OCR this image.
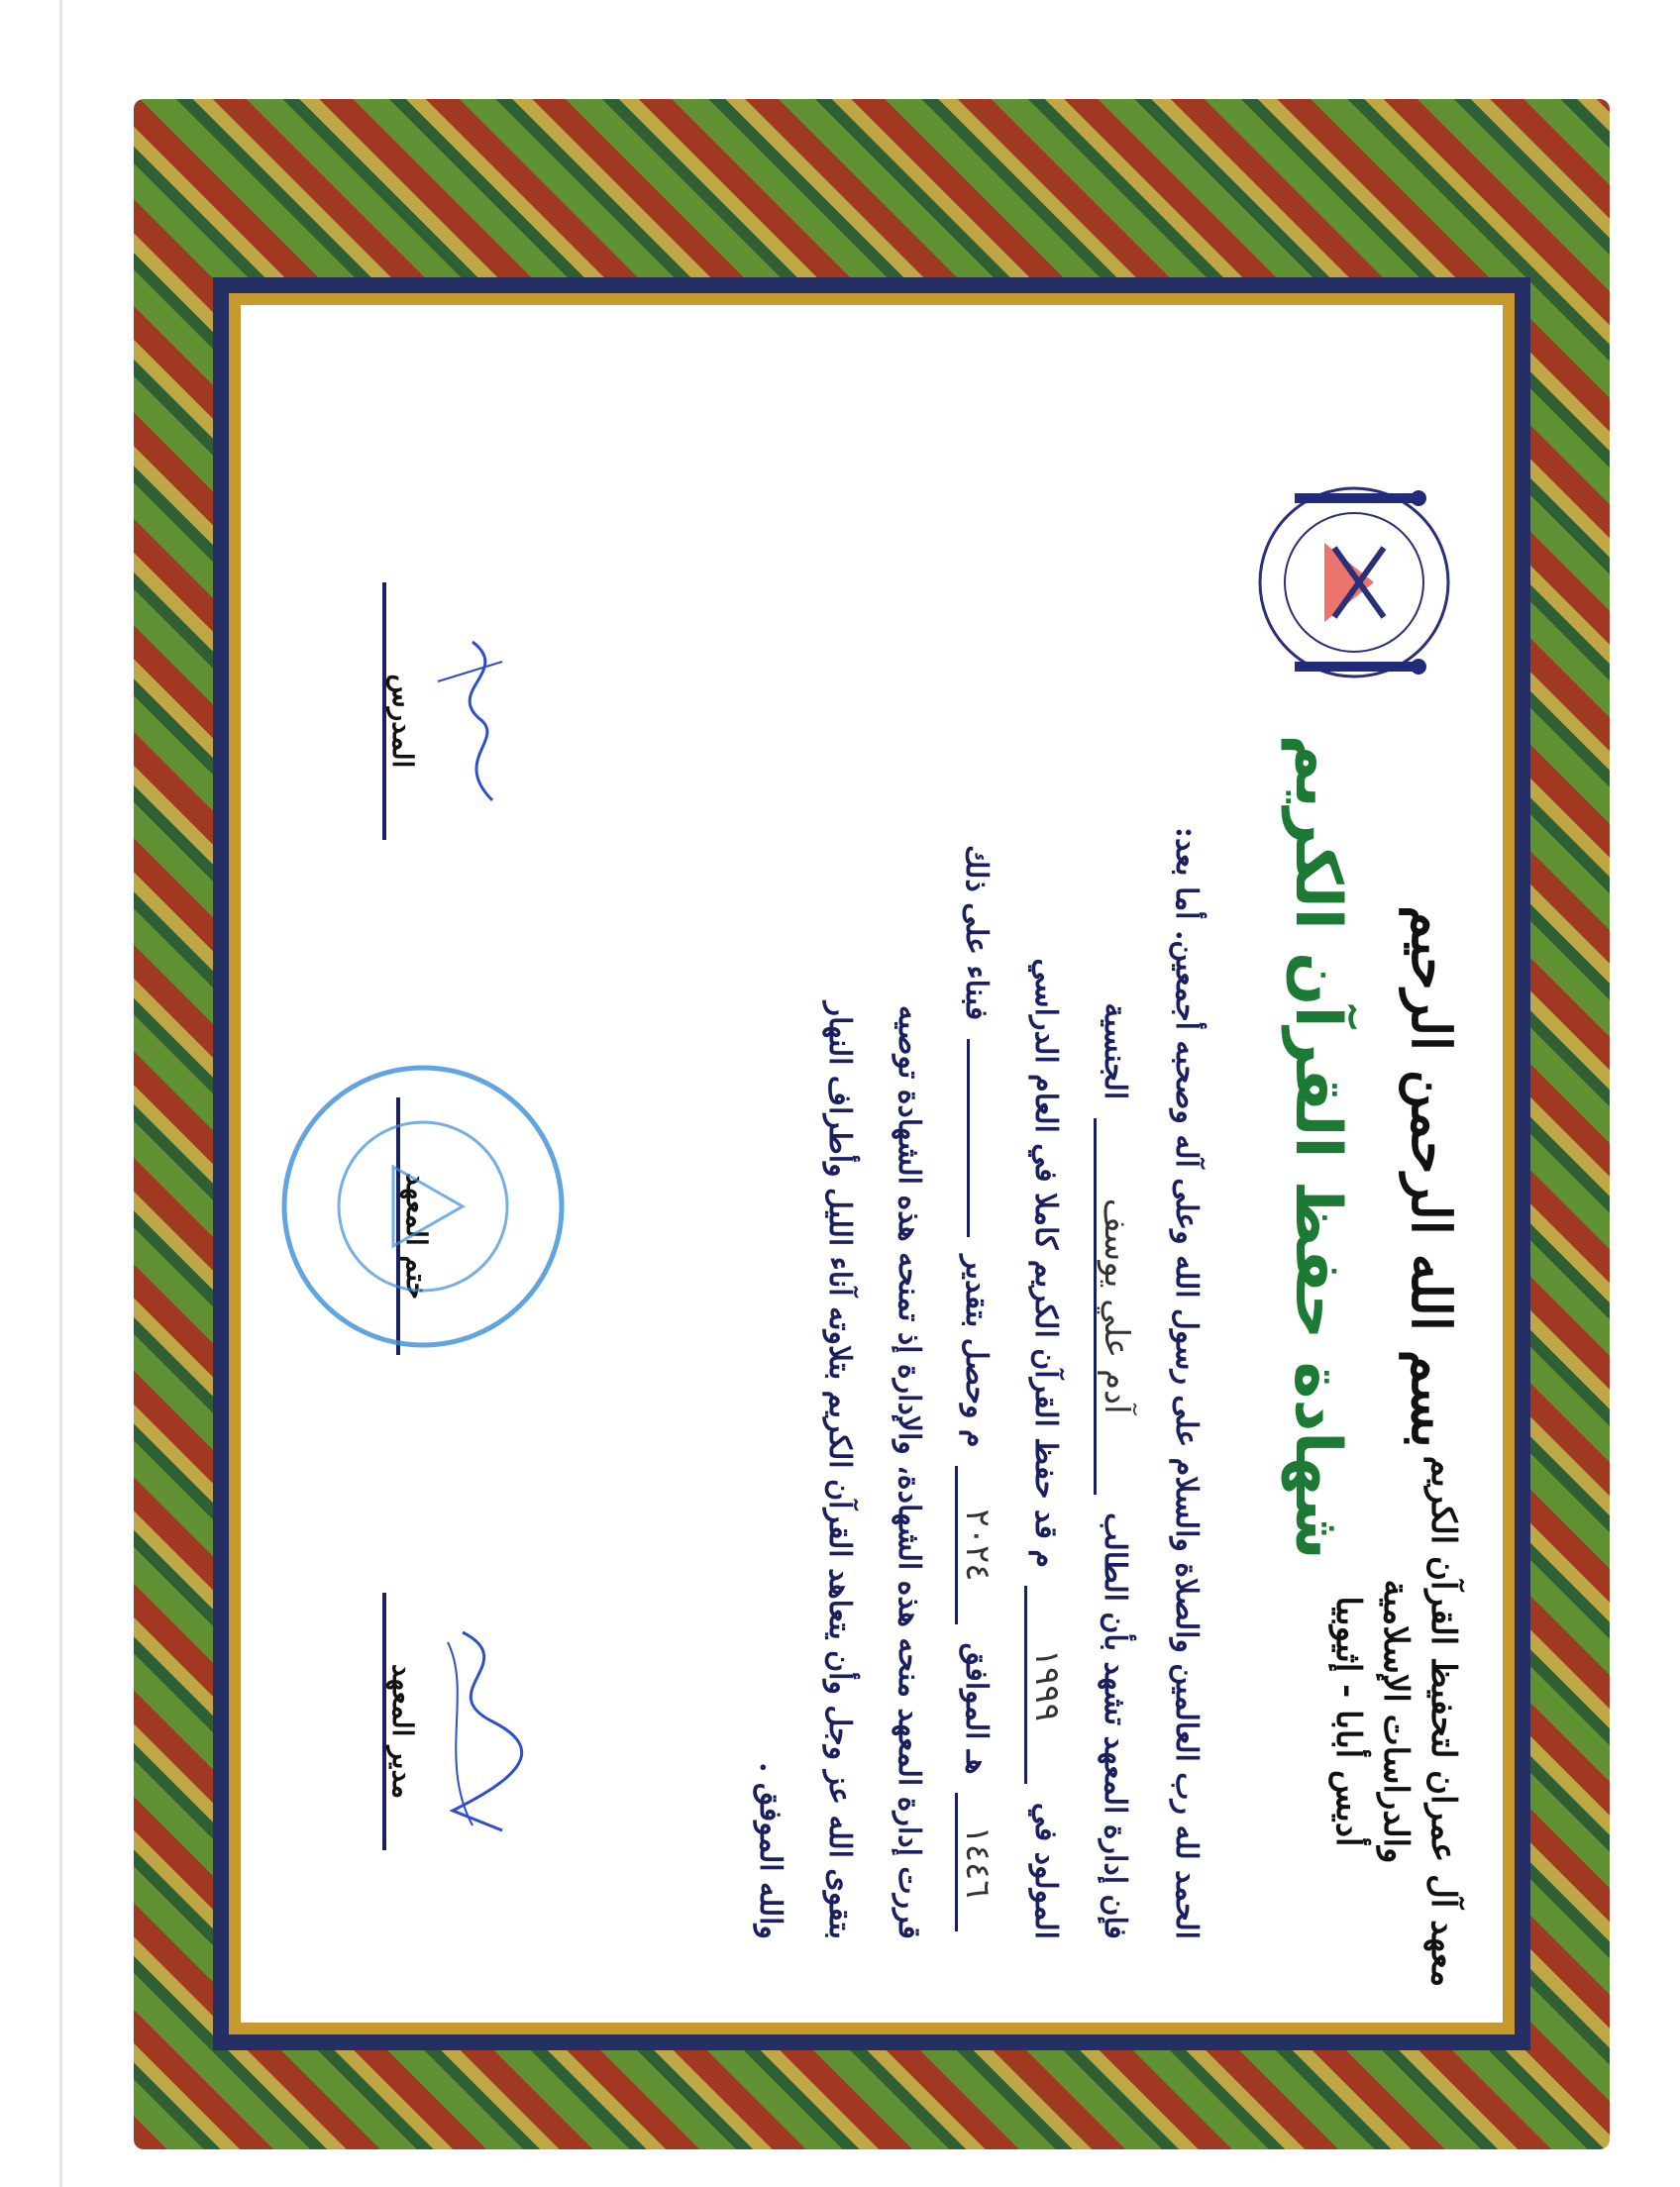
معهد آل عمران لتحفيظ القرآن الكريم
والدراسات الإسلامية
أديس أبابا - إثيوبيا
بسم الله الرحمن الرحيم
شهادة حفظ القرآن الكريم
الحمد لله رب العالمين والصلاة والسلام على رسول الله وعلى آله وصحبه أجمعين. أما بعد:
فإن إدارة المعهد تشهد بأن الطالب آدم علي يوسف الجنسية
المولود في ١٩٩٩ م قد حفظ القرآن الكريم كاملا في العام الدراسي
١٤٤٦ هـ الموافق ٢٠٢٤ م وحصل بتقدير  فبناء على ذلك
قررت إدارة المعهد منحه هذه الشهادة، والإدارة إذ تمنحه هذه الشهادة توصيه
بتقوى الله عز وجل وأن يتعاهد القرآن الكريم بتلاوته آناء الليل وأطراف النهار
والله الموفق .
مدير المعهد
ختم المعهد
المدرس
